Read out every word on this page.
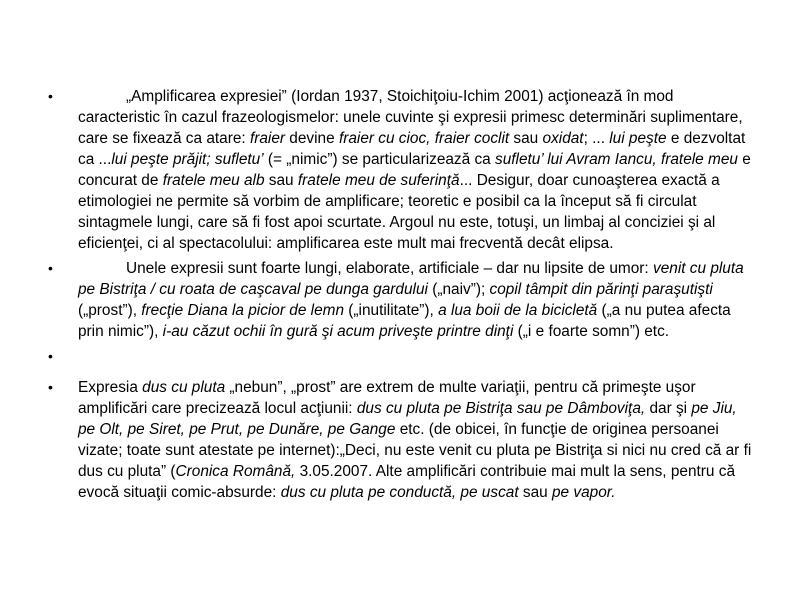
•	„Amplificarea expresiei” (Iordan 1937, Stoichiţoiu-Ichim 2001) acţionează în mod caracteristic în cazul frazeologismelor: unele cuvinte şi expresii primesc determinări suplimentare, care se fixează ca atare: fraier devine fraier cu cioc, fraier coclit sau oxidat; ... lui peşte e dezvoltat ca ...lui peşte prăjit; sufletu’ (= „nimic”) se particularizează ca sufletu’ lui Avram Iancu, fratele meu e concurat de fratele meu alb sau fratele meu de suferinţă... Desigur, doar cunoaşterea exactă a etimologiei ne permite să vorbim de amplificare; teoretic e posibil ca la început să fi circulat sintagmele lungi, care să fi fost apoi scurtate. Argoul nu este, totuşi, un limbaj al conciziei şi al eficienţei, ci al spectacolului: amplificarea este mult mai frecventă decât elipsa.
•	Unele expresii sunt foarte lungi, elaborate, artificiale – dar nu lipsite de umor: venit cu pluta pe Bistriţa / cu roata de caşcaval pe dunga gardului („naiv”); copil tâmpit din părinţi paraşutişti („prost”), frecţie Diana la picior de lemn („inutilitate”), a lua boii de la bicicletă („a nu putea afecta prin nimic”), i-au căzut ochii în gură şi acum priveşte printre dinţi („i e foarte somn”) etc.
•
•	Expresia dus cu pluta „nebun”, „prost” are extrem de multe variaţii, pentru că primeşte uşor amplificări care precizează locul acţiunii: dus cu pluta pe Bistriţa sau pe Dâmboviţa, dar şi pe Jiu, pe Olt, pe Siret, pe Prut, pe Dunăre, pe Gange etc. (de obicei, în funcţie de originea persoanei vizate; toate sunt atestate pe internet):„Deci, nu este venit cu pluta pe Bistriţa si nici nu cred că ar fi dus cu pluta” (Cronica Română, 3.05.2007. Alte amplificări contribuie mai mult la sens, pentru că evocă situaţii comic-absurde: dus cu pluta pe conductă, pe uscat sau pe vapor.
